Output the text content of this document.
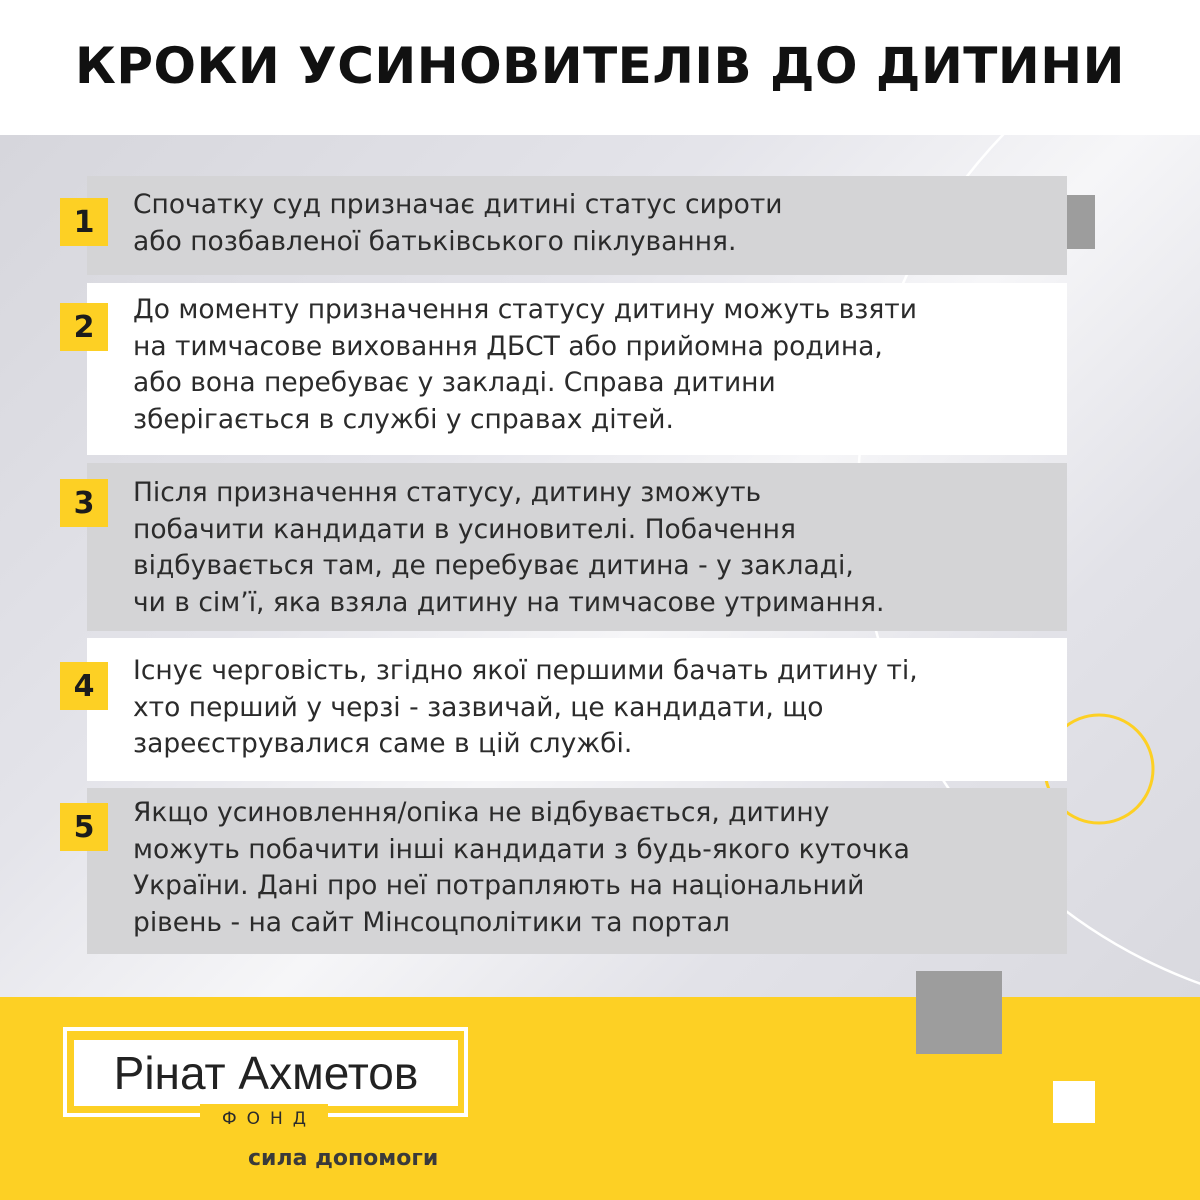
КРОКИ УСИНОВИТЕЛІВ ДО ДИТИНИ
1	Спочатку суд призначає дитині статус сироти
або позбавленої батьківського піклування.
2	До моменту призначення статусу дитину можуть взяти
на тимчасове виховання ДБСТ або прийомна родина,
або вона перебуває у закладі. Справа дитини
зберігається в службі у справах дітей.
3	Після призначення статусу, дитину зможуть
побачити кандидати в усиновителі. Побачення
відбувається там, де перебуває дитина - у закладі,
чи в сім’ї, яка взяла дитину на тимчасове утримання.
4	Існує черговість, згідно якої першими бачать дитину ті,
хто перший у черзі - зазвичай, це кандидати, що
зареєструвалися саме в цій службі.
5	Якщо усиновлення/опіка не відбувається, дитину
можуть побачити інші кандидати з будь-якого куточка
України. Дані про неї потрапляють на національний
рівень - на сайт Мінсоцполітики та портал
Рінат Ахметов
ФОНД
сила допомоги
